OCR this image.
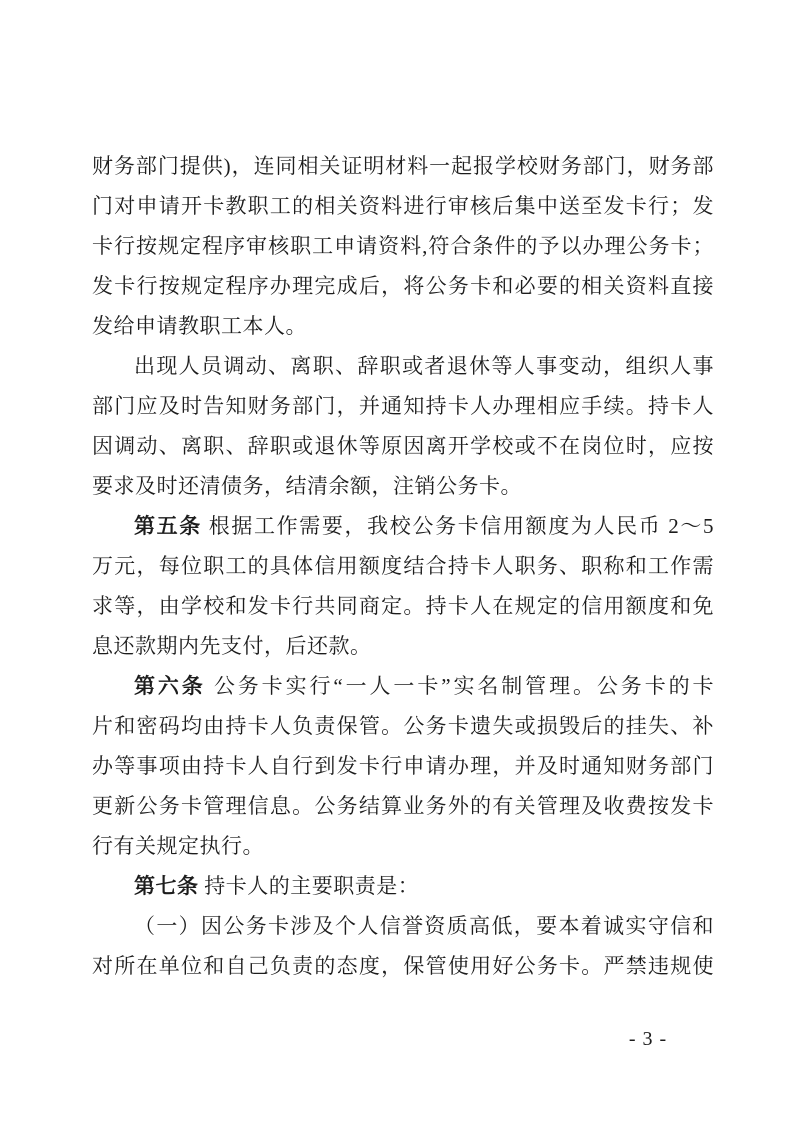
财务部门提供)，连同相关证明材料一起报学校财务部门，财务部
门对申请开卡教职工的相关资料进行审核后集中送至发卡行；发
卡行按规定程序审核职工申请资料,符合条件的予以办理公务卡；
发卡行按规定程序办理完成后，将公务卡和必要的相关资料直接
发给申请教职工本人。
出现人员调动、离职、辞职或者退休等人事变动，组织人事
部门应及时告知财务部门，并通知持卡人办理相应手续。持卡人
因调动、离职、辞职或退休等原因离开学校或不在岗位时，应按
要求及时还清债务，结清余额，注销公务卡。
第五条 根据工作需要，我校公务卡信用额度为人民币 2～5
万元，每位职工的具体信用额度结合持卡人职务、职称和工作需
求等，由学校和发卡行共同商定。持卡人在规定的信用额度和免
息还款期内先支付，后还款。
第六条 公务卡实行“一人一卡”实名制管理。公务卡的卡
片和密码均由持卡人负责保管。公务卡遗失或损毁后的挂失、补
办等事项由持卡人自行到发卡行申请办理，并及时通知财务部门
更新公务卡管理信息。公务结算业务外的有关管理及收费按发卡
行有关规定执行。
第七条 持卡人的主要职责是：
（一）因公务卡涉及个人信誉资质高低，要本着诚实守信和
对所在单位和自己负责的态度，保管使用好公务卡。严禁违规使
- 3 -
